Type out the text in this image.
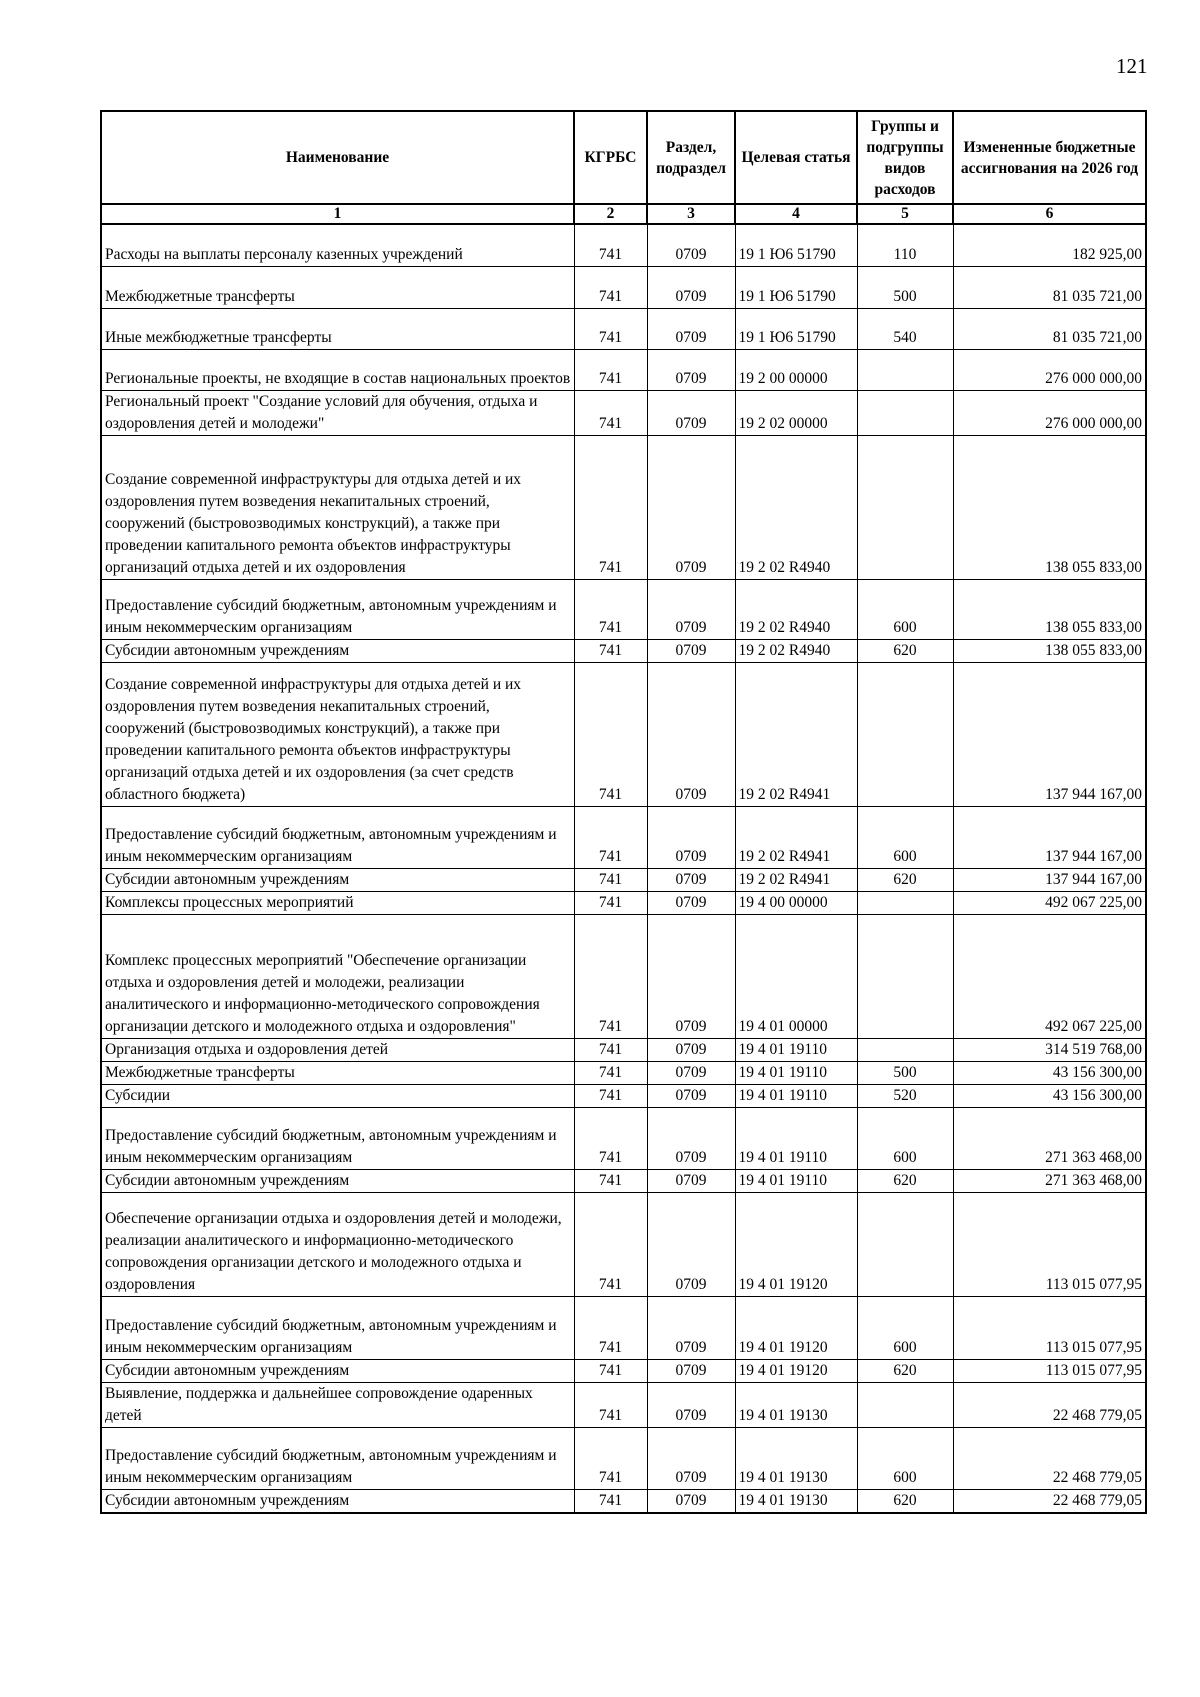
121
Наименование	КГРБС	Раздел, подраздел	Целевая статья	Группы и подгруппы видов расходов	Измененные бюджетные ассигнования на 2026 год
1	2	3	4	5	6
Расходы на выплаты персоналу казенных учреждений	741	0709	19 1 Ю6 51790	110	182 925,00
Межбюджетные трансферты	741	0709	19 1 Ю6 51790	500	81 035 721,00
Иные межбюджетные трансферты	741	0709	19 1 Ю6 51790	540	81 035 721,00
Региональные проекты, не входящие в состав национальных проектов	741	0709	19 2 00 00000		276 000 000,00
Региональный проект "Создание условий для обучения, отдыха и оздоровления детей и молодежи"	741	0709	19 2 02 00000		276 000 000,00
Создание современной инфраструктуры для отдыха детей и их оздоровления путем возведения некапитальных строений, сооружений (быстровозводимых конструкций), а также при проведении капитального ремонта объектов инфраструктуры организаций отдыха детей и их оздоровления	741	0709	19 2 02 R4940		138 055 833,00
Предоставление субсидий бюджетным, автономным учреждениям и иным некоммерческим организациям	741	0709	19 2 02 R4940	600	138 055 833,00
Субсидии автономным учреждениям	741	0709	19 2 02 R4940	620	138 055 833,00
Создание современной инфраструктуры для отдыха детей и их оздоровления путем возведения некапитальных строений, сооружений (быстровозводимых конструкций), а также при проведении капитального ремонта объектов инфраструктуры организаций отдыха детей и их оздоровления (за счет средств областного бюджета)	741	0709	19 2 02 R4941		137 944 167,00
Предоставление субсидий бюджетным, автономным учреждениям и иным некоммерческим организациям	741	0709	19 2 02 R4941	600	137 944 167,00
Субсидии автономным учреждениям	741	0709	19 2 02 R4941	620	137 944 167,00
Комплексы процессных мероприятий	741	0709	19 4 00 00000		492 067 225,00
Комплекс процессных мероприятий "Обеспечение организации отдыха и оздоровления детей и молодежи, реализации аналитического и информационно-методического сопровождения организации детского и молодежного отдыха и оздоровления"	741	0709	19 4 01 00000		492 067 225,00
Организация отдыха и оздоровления детей	741	0709	19 4 01 19110		314 519 768,00
Межбюджетные трансферты	741	0709	19 4 01 19110	500	43 156 300,00
Субсидии	741	0709	19 4 01 19110	520	43 156 300,00
Предоставление субсидий бюджетным, автономным учреждениям и иным некоммерческим организациям	741	0709	19 4 01 19110	600	271 363 468,00
Субсидии автономным учреждениям	741	0709	19 4 01 19110	620	271 363 468,00
Обеспечение организации отдыха и оздоровления детей и молодежи, реализации аналитического и информационно-методического сопровождения организации детского и молодежного отдыха и оздоровления	741	0709	19 4 01 19120		113 015 077,95
Предоставление субсидий бюджетным, автономным учреждениям и иным некоммерческим организациям	741	0709	19 4 01 19120	600	113 015 077,95
Субсидии автономным учреждениям	741	0709	19 4 01 19120	620	113 015 077,95
Выявление, поддержка и дальнейшее сопровождение одаренных детей	741	0709	19 4 01 19130		22 468 779,05
Предоставление субсидий бюджетным, автономным учреждениям и иным некоммерческим организациям	741	0709	19 4 01 19130	600	22 468 779,05
Субсидии автономным учреждениям	741	0709	19 4 01 19130	620	22 468 779,05
